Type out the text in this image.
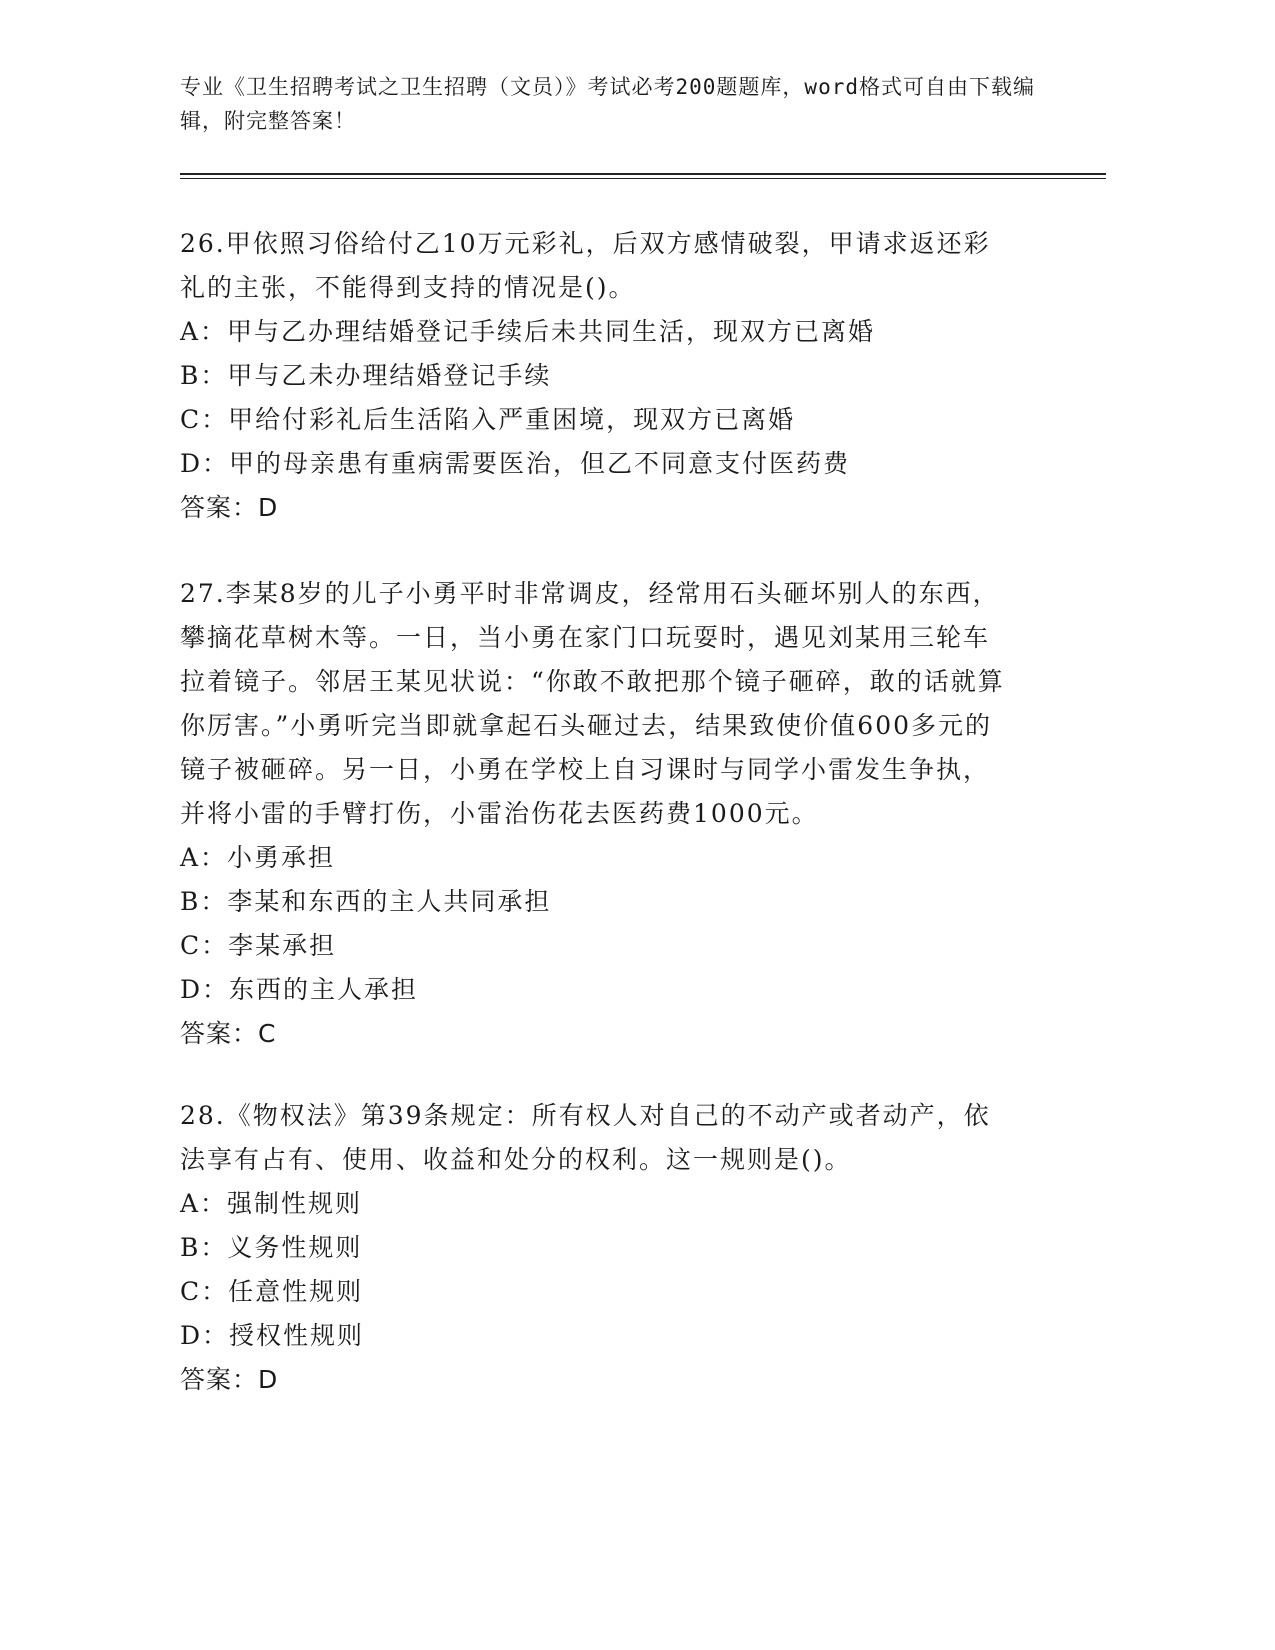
专业《卫生招聘考试之卫生招聘（文员）》考试必考200题题库，word格式可自由下载编辑，附完整答案！

26.甲依照习俗给付乙10万元彩礼，后双方感情破裂，甲请求返还彩礼的主张，不能得到支持的情况是()。

A：甲与乙办理结婚登记手续后未共同生活，现双方已离婚

B：甲与乙未办理结婚登记手续

C：甲给付彩礼后生活陷入严重困境，现双方已离婚

D：甲的母亲患有重病需要医治，但乙不同意支付医药费

答案：D

27.李某8岁的儿子小勇平时非常调皮，经常用石头砸坏别人的东西，攀摘花草树木等。一日，当小勇在家门口玩耍时，遇见刘某用三轮车拉着镜子。邻居王某见状说：“你敢不敢把那个镜子砸碎，敢的话就算你厉害。”小勇听完当即就拿起石头砸过去，结果致使价值600多元的镜子被砸碎。另一日，小勇在学校上自习课时与同学小雷发生争执，并将小雷的手臂打伤，小雷治伤花去医药费1000元。

A：小勇承担

B：李某和东西的主人共同承担

C：李某承担

D：东西的主人承担

答案：C

28.《物权法》第39条规定：所有权人对自己的不动产或者动产，依法享有占有、使用、收益和处分的权利。这一规则是()。

A：强制性规则

B：义务性规则

C：任意性规则

D：授权性规则

答案：D
